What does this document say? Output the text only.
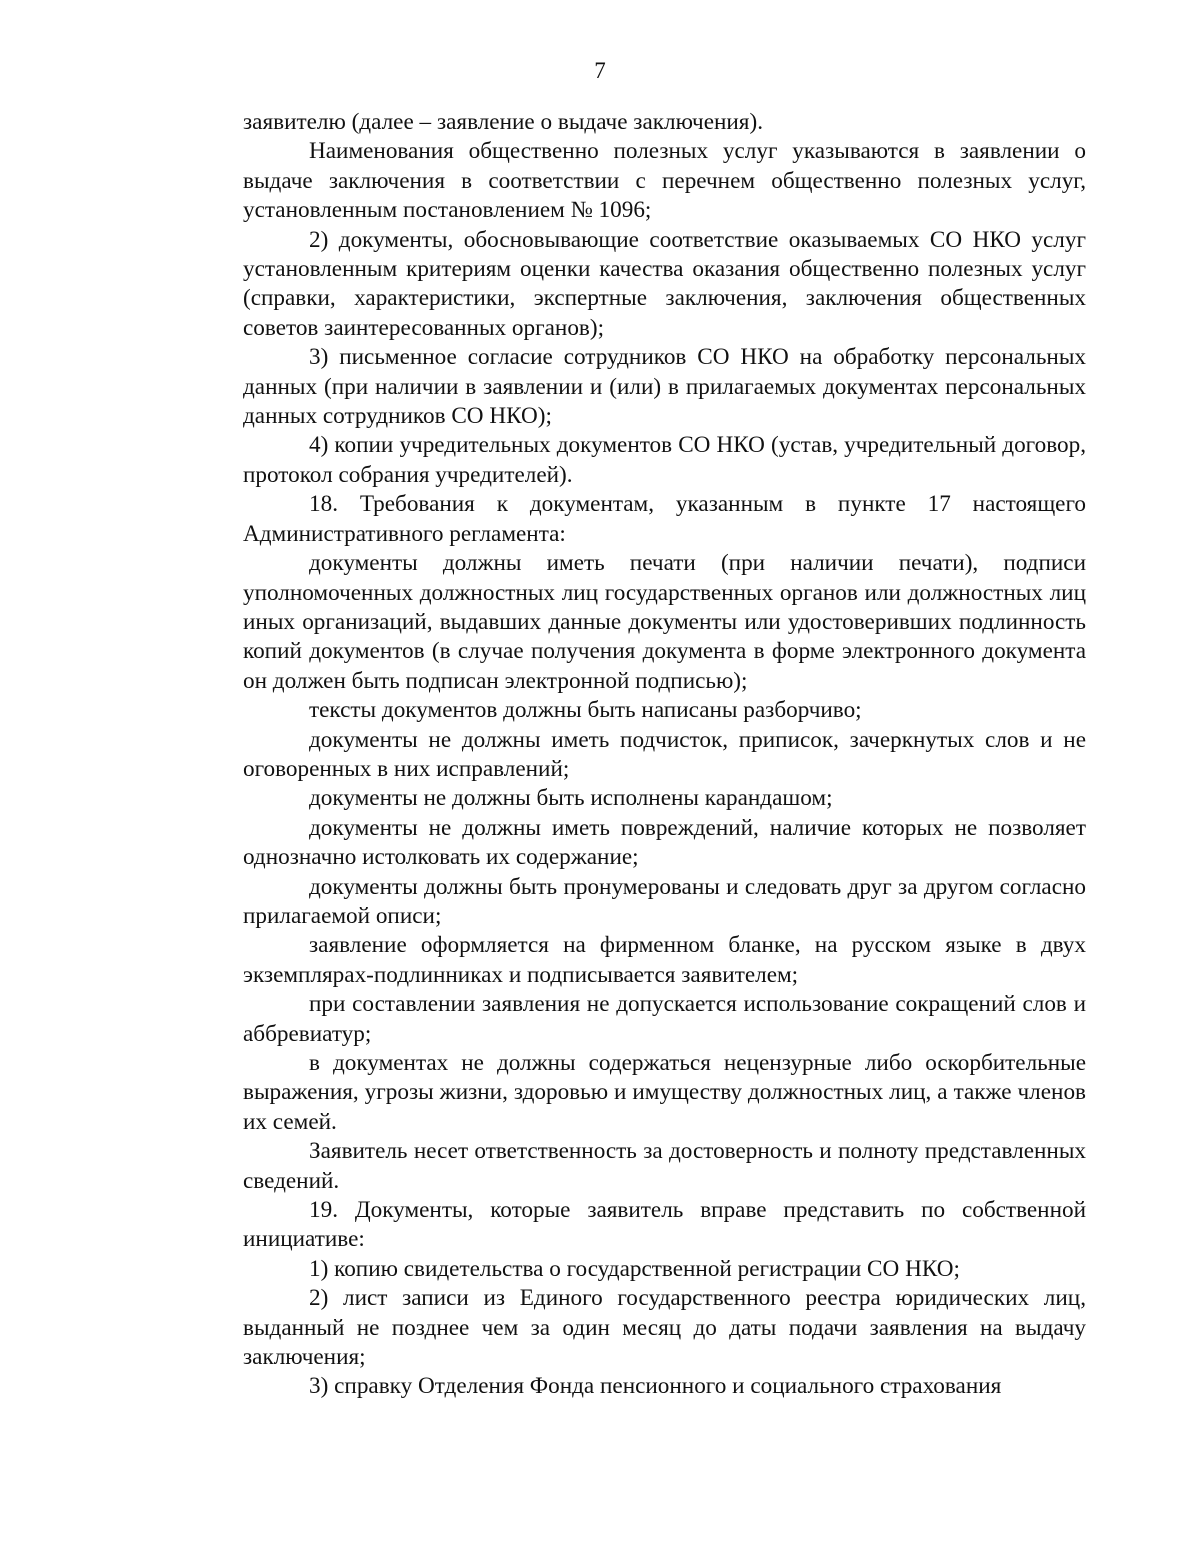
7

заявителю (далее – заявление о выдаче заключения).

Наименования общественно полезных услуг указываются в заявлении о выдаче заключения в соответствии с перечнем общественно полезных услуг, установленным постановлением № 1096;

2) документы, обосновывающие соответствие оказываемых СО НКО услуг установленным критериям оценки качества оказания общественно полезных услуг (справки, характеристики, экспертные заключения, заключения общественных советов заинтересованных органов);

3) письменное согласие сотрудников СО НКО на обработку персональных данных (при наличии в заявлении и (или) в прилагаемых документах персональных данных сотрудников СО НКО);

4) копии учредительных документов СО НКО (устав, учредительный договор, протокол собрания учредителей).

18. Требования к документам, указанным в пункте 17 настоящего Административного регламента:

документы должны иметь печати (при наличии печати), подписи уполномоченных должностных лиц государственных органов или должностных лиц иных организаций, выдавших данные документы или удостоверивших подлинность копий документов (в случае получения документа в форме электронного документа он должен быть подписан электронной подписью);

тексты документов должны быть написаны разборчиво;

документы не должны иметь подчисток, приписок, зачеркнутых слов и не оговоренных в них исправлений;

документы не должны быть исполнены карандашом;

документы не должны иметь повреждений, наличие которых не позволяет однозначно истолковать их содержание;

документы должны быть пронумерованы и следовать друг за другом согласно прилагаемой описи;

заявление оформляется на фирменном бланке, на русском языке в двух экземплярах-подлинниках и подписывается заявителем;

при составлении заявления не допускается использование сокращений слов и аббревиатур;

в документах не должны содержаться нецензурные либо оскорбительные выражения, угрозы жизни, здоровью и имуществу должностных лиц, а также членов их семей.

Заявитель несет ответственность за достоверность и полноту представленных сведений.

19. Документы, которые заявитель вправе представить по собственной инициативе:

1) копию свидетельства о государственной регистрации СО НКО;

2) лист записи из Единого государственного реестра юридических лиц, выданный не позднее чем за один месяц до даты подачи заявления на выдачу заключения;

3) справку Отделения Фонда пенсионного и социального страхования
